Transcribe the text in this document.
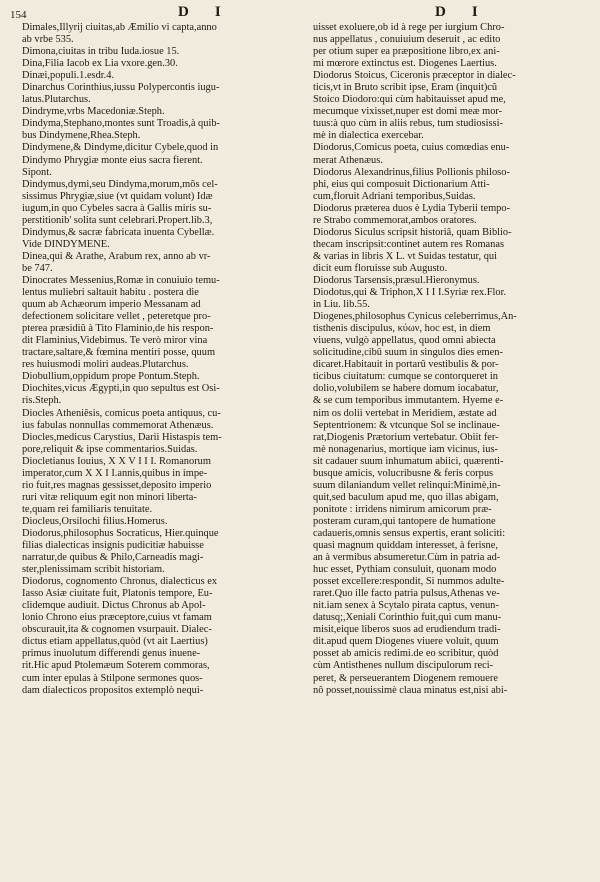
154	DI	DI
Dimales,Illyrij ciuitas,ab Æmilio vi capta,anno
ab vrbe 535.
Dimona,ciuitas in tribu Iuda.iosue 15.
Dina,Filia Iacob ex Lia vxore.gen.30.
Dinæi,populi.1.esdr.4.
Dinarchus Corinthius,iussu Polypercontis iugu-
latus.Plutarchus.
Dindryme,vrbs Macedoniæ.Steph.
Dindyma,Stephano,montes sunt Troadis,à quib-
bus Dindymene,Rhea.Steph.
Dindymene,& Dindyme,dicitur Cybele,quod in
Dindymo Phrygiæ monte eius sacra fierent.
Sipont.
Dindymus,dymi,seu Dindyma,morum,mõs cel-
sissimus Phrygiæ,siue (vt quidam volunt) Idæ
iugum,in quo Cybeles sacra à Gallis miris su-
perstitionib' solita sunt celebrari.Propert.lib.3,
Dindymus,& sacræ fabricata inuenta Cybellæ.
Vide DINDYMENE.
Dinea,qui & Arathe, Arabum rex, anno ab vr-
be 747.
Dinocrates Messenius,Romæ in conuiuio temu-
lentus muliebri saltauit habitu . postera die
quum ab Achæorum imperio Messanam ad
defectionem solicitare vellet , peteretque pro-
pterea præsidiû à Tito Flaminio,de his respon-
dit Flaminius,Videbimus. Te verò miror vina
tractare,saltare,& fœmina mentiri posse, quum
res huiusmodi moliri audeas.Plutarchus.
Diobullium,oppidum prope Pontum.Steph.
Diochites,vicus Ægypti,in quo sepultus est Osi-
ris.Steph.
Diocles Atheniêsis, comicus poeta antiquus, cu-
ius fabulas nonnullas commemorat Athenæus.
Diocles,medicus Carystius, Darii Histaspis tem-
pore,reliquit & ipse commentarios.Suidas.
Diocletianus Iouius, X X V I I I. Romanorum
imperator,cum X X I I.annis,quibus in impe-
rio fuit,res magnas gessisset,deposito imperio
ruri vitæ reliquum egit non minori liberta-
te,quam rei familiaris tenuitate.
Diocleus,Orsilochi filius.Homerus.
Diodorus,philosophus Socraticus, Hier.quinque
filias dialecticas insignis pudicitiæ habuisse
narratur,de quibus & Philo,Carneadis magi-
ster,plenissimam scribit historiam.
Diodorus, cognomento Chronus, dialecticus ex
Iasso Asiæ ciuitate fuit, Platonis tempore, Eu-
clidemque audiuit. Dictus Chronus ab Apol-
lonio Chrono eius præceptore,cuius vt famam
obscurauit,ita & cognomen vsurpauit. Dialec-
dictus etiam appellatus,quòd (vt ait Laertius)
primus inuolutum differendi genus inuene-
rit.Hic apud Ptolemæum Soterem commoras,
cum inter epulas à Stilpone sermones quos-
dam dialecticos propositos extemplò nequi-
uisset exoluere,ob id à rege per iurgium Chro-
nus appellatus , conuiuium deseruit , ac edito
per otium super ea præpositione libro,ex ani-
mi mœrore extinctus est. Diogenes Laertius.
Diodorus Stoicus, Ciceronis præceptor in dialec-
ticis,vt in Bruto scribit ipse, Eram (inquit)cũ
Stoico Diodoro:qui cùm habitauisset apud me,
mecumque vixisset,nuper est domi meæ mor-
tuus:à quo cùm in aliis rebus, tum studiosissi-
mè in dialectica exercebar.
Diodorus,Comicus poeta, cuius comœdias enu-
merat Athenæus.
Diodorus Alexandrinus,filius Pollionis philoso-
phi, eius qui composuit Dictionarium Atti-
cum,floruit Adriani temporibus,Suidas.
Diodorus præterea duos è Lydia Tyberii tempo-
re Strabo commemorat,ambos oratores.
Diodorus Siculus scripsit historiâ, quam Biblio-
thecam inscripsit:continet autem res Romanas
& varias in libris X L. vt Suidas testatur, qui
dicit eum floruisse sub Augusto.
Diodorus Tarsensis,præsul.Hieronymus.
Diodotus,qui & Triphon,X I I I.Syriæ rex.Flor.
in Liu. lib.55.
Diogenes,philosophus Cynicus celeberrimus,An-
tisthenis discipulus, κύων, hoc est, in diem
viuens, vulgò appellatus, quod omni abiecta
solicitudine,cibû suum in singulos dies emen-
dicaret.Habitauit in portarû vestibulis & por-
ticibus ciuitatum: cumque se contorqueret in
dolio,volubilem se habere domum iocabatur,
& se cum temporibus immutantem. Hyeme e-
nim os dolii vertebat in Meridiem, æstate ad
Septentrionem: & vtcunque Sol se inclinaue-
rat,Diogenis Prætorium vertebatur. Obiit fer-
mè nonagenarius, mortique iam vicinus, ius-
sit cadauer suum inhumatum abiici, quærenti-
busque amicis, volucribusne & feris corpus
suum dilaniandum vellet relinqui:Minimè,in-
quit,sed baculum apud me, quo illas abigam,
ponitote : irridens nimirum amicorum præ-
posteram curam,qui tantopere de humatione
cadaueris,omnis sensus expertis, erant soliciti:
quasi magnum quiddam interesset, à ferisne,
an à vermibus absumeretur.Cùm in patria ad-
huc esset, Pythiam consuluit, quonam modo
posset excellere:respondit, Si nummos adulte-
raret.Quo ille facto patria pulsus,Athenas ve-
nit.iam senex à Scytalo pirata captus, venun-
datusq;,Xeniali Corinthio fuit,qui cum manu-
misit,eique liberos suos ad erudiendum tradi-
dit.apud quem Diogenes viuere voluit, quum
posset ab amicis redimi.de eo scribitur, quòd
cùm Antisthenes nullum discipulorum reci-
peret, & perseuerantem Diogenem remouere
nô posset,nouissimè claua minatus est,nisi abi-
